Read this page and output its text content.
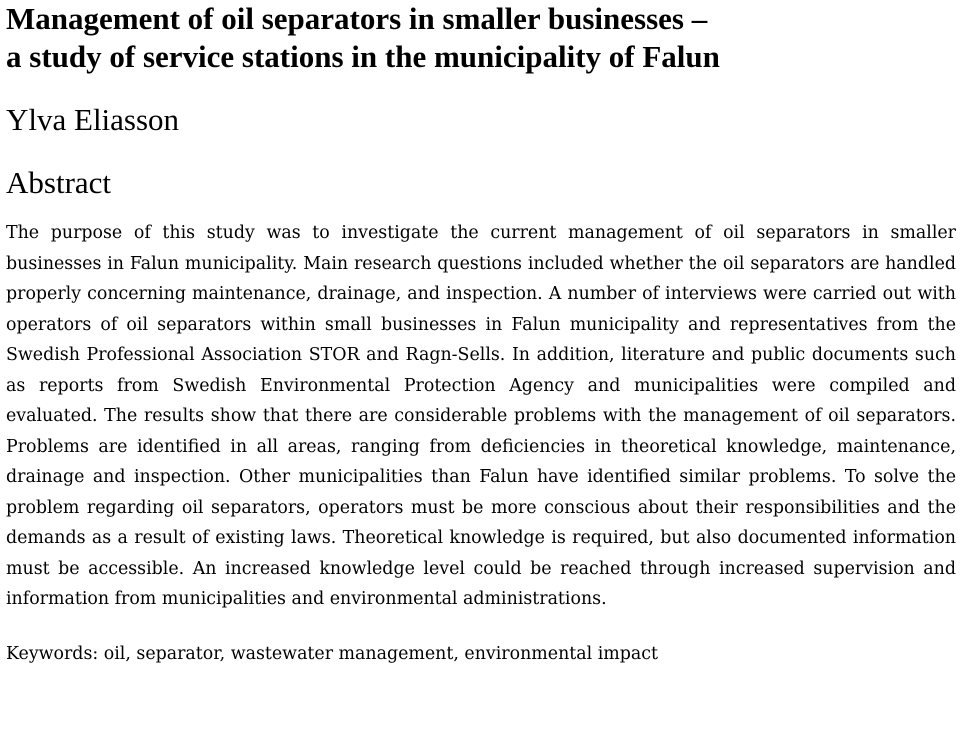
Management of oil separators in smaller businesses –
a study of service stations in the municipality of Falun
Ylva Eliasson
Abstract

The purpose of this study was to investigate the current management of oil separators in smaller businesses in Falun municipality. Main research questions included whether the oil separators are handled properly concerning maintenance, drainage, and inspection. A number of interviews were carried out with operators of oil separators within small businesses in Falun municipality and representatives from the Swedish Professional Association STOR and Ragn-Sells. In addition, literature and public documents such as reports from Swedish Environmental Protection Agency and municipalities were compiled and evaluated. The results show that there are considerable problems with the management of oil separators. Problems are identified in all areas, ranging from deficiencies in theoretical knowledge, maintenance, drainage and inspection. Other municipalities than Falun have identified similar problems. To solve the problem regarding oil separators, operators must be more conscious about their responsibilities and the demands as a result of existing laws. Theoretical knowledge is required, but also documented information must be accessible. An increased knowledge level could be reached through increased supervision and information from municipalities and environmental administrations.

Keywords: oil, separator, wastewater management, environmental impact
